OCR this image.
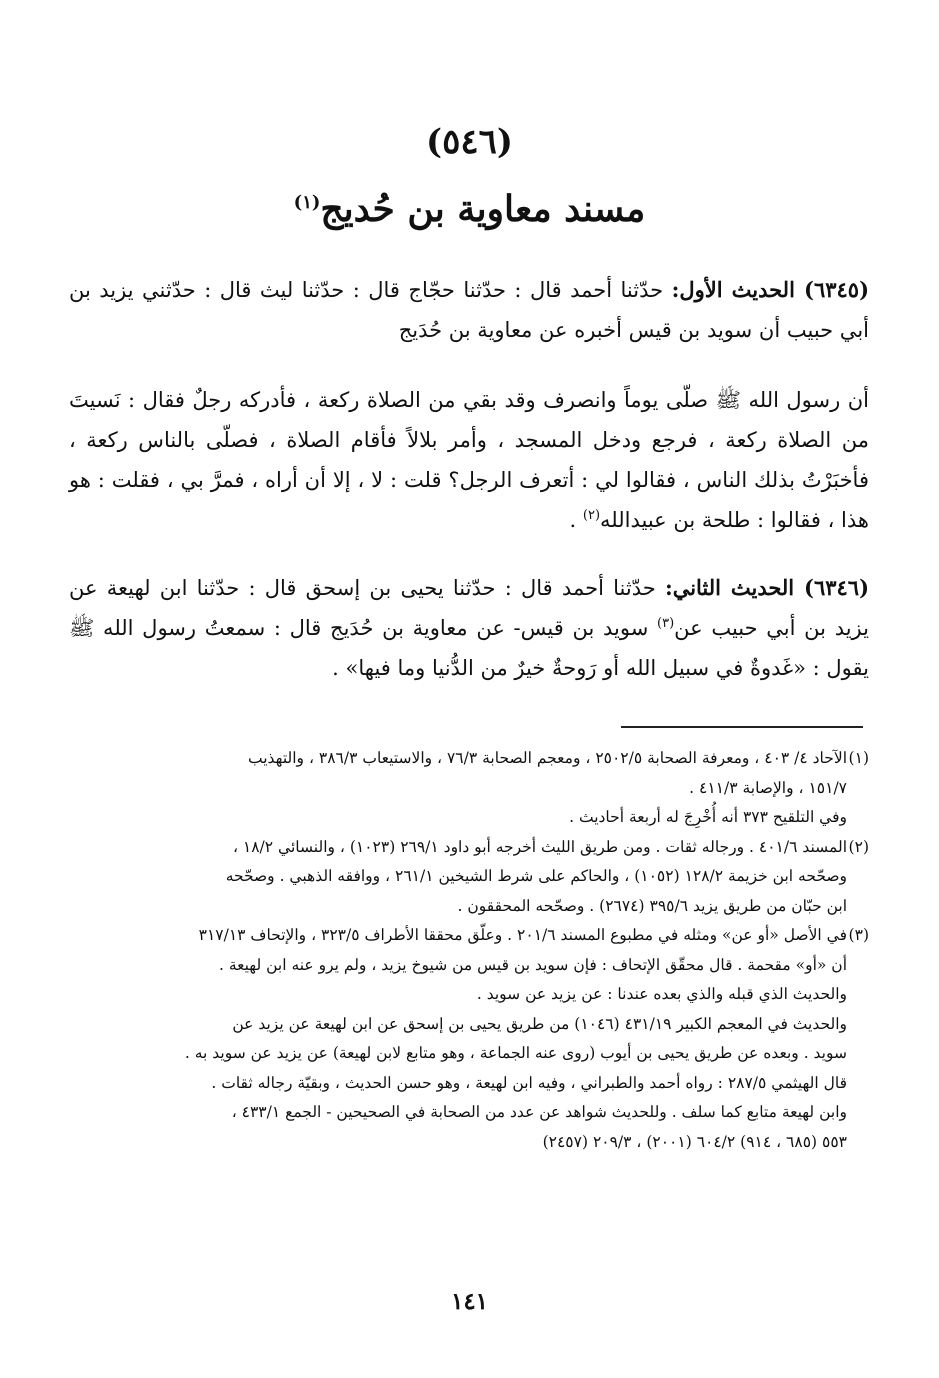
(٥٤٦)
مسند معاوية بن حُديج$^{(١)}$
(٦٣٤٥) الحديث الأول: حدّثنا أحمد قال : حدّثنا حجّاج قال : حدّثنا ليث قال : حدّثني يزيد بن أبي حبيب أن سويد بن قيس أخبره عن معاوية بن حُدَيج
أن رسول الله ﷺ صلّى يوماً وانصرف وقد بقي من الصلاة ركعة ، فأدركه رجلٌ فقال : نَسيتَ من الصلاة ركعة ، فرجع ودخل المسجد ، وأمر بلالاً فأقام الصلاة ، فصلّى بالناس ركعة ، فأخبَرْتُ بذلك الناس ، فقالوا لي : أتعرف الرجل؟ قلت : لا ، إلا أن أراه ، فمرَّ بي ، فقلت : هو هذا ، فقالوا : طلحة بن عبيدالله$^{(٢)}$ .
(٦٣٤٦) الحديث الثاني: حدّثنا أحمد قال : حدّثنا يحيى بن إسحق قال : حدّثنا ابن لهيعة عن يزيد بن أبي حبيب عن$^{(٣)}$ سويد بن قيس- عن معاوية بن حُدَيج قال : سمعتُ رسول الله ﷺ يقول : «غَدوةٌ في سبيل الله أو رَوحةٌ خيرٌ من الدُّنيا وما فيها» .
(١)الآحاد ٤/ ٤٠٣ ، ومعرفة الصحابة ٢٥٠٢/٥ ، ومعجم الصحابة ٧٦/٣ ، والاستيعاب ٣٨٦/٣ ، والتهذيب
١٥١/٧ ، والإصابة ٤١١/٣ .
وفي التلقيح ٣٧٣ أنه أُخْرِجَ له أربعة أحاديث .
(٢)المسند ٤٠١/٦ . ورجاله ثقات . ومن طريق الليث أخرجه أبو داود ٢٦٩/١ (١٠٢٣) ، والنسائي ١٨/٢ ،
وصحّحه ابن خزيمة ١٢٨/٢ (١٠٥٢) ، والحاكم على شرط الشيخين ٢٦١/١ ، ووافقه الذهبي . وصحّحه
ابن حبّان من طريق يزيد ٣٩٥/٦ (٢٦٧٤) . وصحّحه المحققون .
(٣)في الأصل «أو عن» ومثله في مطبوع المسند ٢٠١/٦ . وعلّق محققا الأطراف ٣٢٣/٥ ، والإتحاف ٣١٧/١٣
أن «أو» مقحمة . قال محقّق الإتحاف : فإن سويد بن قيس من شيوخ يزيد ، ولم يرو عنه ابن لهيعة .
والحديث الذي قبله والذي بعده عندنا : عن يزيد عن سويد .
والحديث في المعجم الكبير ٤٣١/١٩ (١٠٤٦) من طريق يحيى بن إسحق عن ابن لهيعة عن يزيد عن
سويد . وبعده عن طريق يحيى بن أيوب (روى عنه الجماعة ، وهو متابع لابن لهيعة) عن يزيد عن سويد به .
قال الهيثمي ٢٨٧/٥ : رواه أحمد والطبراني ، وفيه ابن لهيعة ، وهو حسن الحديث ، وبقيّة رجاله ثقات .
وابن لهيعة متابع كما سلف . وللحديث شواهد عن عدد من الصحابة في الصحيحين - الجمع ٤٣٣/١ ،
٥٥٣ (٦٨٥ ، ٩١٤) ٦٠٤/٢ (٢٠٠١) ، ٢٠٩/٣ (٢٤٥٧)
١٤١
